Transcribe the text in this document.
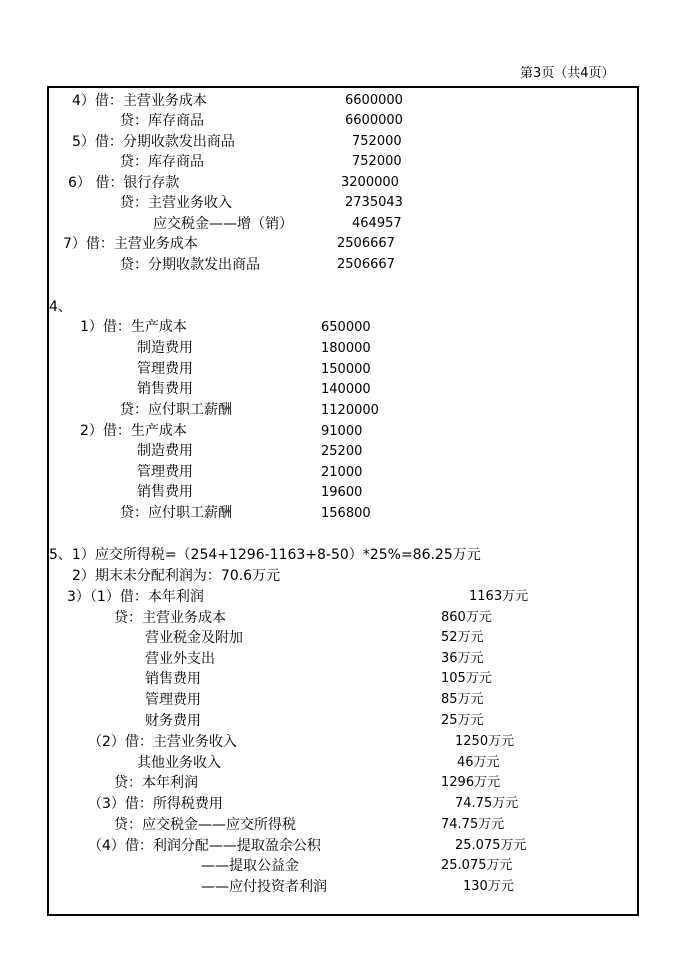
第3页（共4页）
4）借：主营业务成本	6600000
贷：库存商品	6600000
5）借：分期收款发出商品	752000
贷：库存商品	752000
6） 借：银行存款	3200000
贷：主营业务收入	2735043
应交税金——增（销）	464957
7）借：主营业务成本	2506667
贷：分期收款发出商品	2506667
4、
1）借：生产成本	650000
制造费用	180000
管理费用	150000
销售费用	140000
贷：应付职工薪酬	1120000
2）借：生产成本	91000
制造费用	25200
管理费用	21000
销售费用	19600
贷：应付职工薪酬	156800
5、1）应交所得税=（254+1296-1163+8-50）*25%=86.25万元
2）期末未分配利润为：70.6万元
3）（1）借：本年利润	1163万元
贷：主营业务成本	860万元
营业税金及附加	52万元
营业外支出	36万元
销售费用	105万元
管理费用	85万元
财务费用	25万元
（2）借：主营业务收入	1250万元
其他业务收入	46万元
贷：本年利润	1296万元
（3）借：所得税费用	74.75万元
贷：应交税金——应交所得税	74.75万元
（4）借：利润分配——提取盈余公积	25.075万元
——提取公益金	25.075万元
——应付投资者利润	130万元
